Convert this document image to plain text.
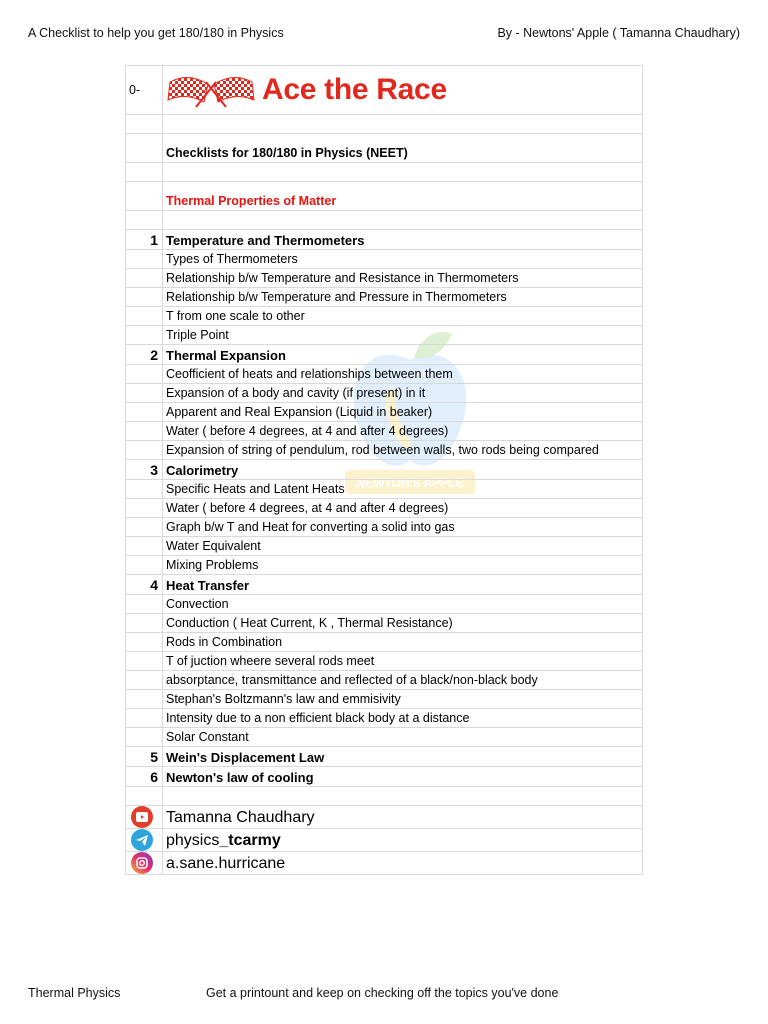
A Checklist to help you get 180/180 in Physics	By - Newtons' Apple ( Tamanna Chaudhary)
NEWTON'S APPLE
0-	Ace the Race

	Checklists for 180/180 in Physics (NEET)

	Thermal Properties of Matter

1	Temperature and Thermometers
	Types of Thermometers
	Relationship b/w Temperature and Resistance in Thermometers
	Relationship b/w Temperature and Pressure in Thermometers
	T from one scale to other
	Triple Point
2	Thermal Expansion
	Ceofficient of heats and relationships between them
	Expansion of a body and cavity (if present) in it
	Apparent and Real Expansion (Liquid in beaker)
	Water ( before 4 degrees, at 4 and after 4 degrees)
	Expansion of string of pendulum, rod between walls, two rods being compared
3	Calorimetry
	Specific Heats and Latent Heats
	Water ( before 4 degrees, at 4 and after 4 degrees)
	Graph b/w T and Heat for converting a solid into gas
	Water Equivalent
	Mixing Problems
4	Heat Transfer
	Convection
	Conduction ( Heat Current, K , Thermal Resistance)
	Rods in Combination
	T of juction wheere several rods meet
	absorptance, transmittance and reflected of a black/non-black body
	Stephan's Boltzmann's law and emmisivity
	Intensity due to a non efficient black body at a distance
	Solar Constant
5	Wein's Displacement Law
6	Newton's law of cooling

	Tamanna Chaudhary

	physics_tcarmy

	a.sane.hurricane
Thermal Physics	Get a printount and keep on checking off the topics you've done
